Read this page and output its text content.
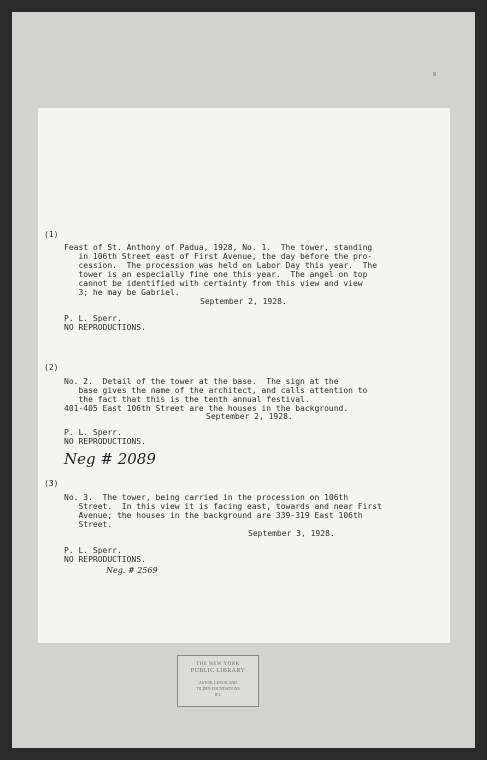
9
(1)
Feast of St. Anthony of Padua, 1928, No. 1.  The tower, standing
in 106th Street east of First Avenue, the day before the pro-
cession.  The procession was held on Labor Day this year.  The
tower is an especially fine one this year.  The angel on top
cannot be identified with certainty from this view and view
3; he may be Gabriel.
September 2, 1928.
P. L. Sperr.
NO REPRODUCTIONS.
(2)
No. 2.  Detail of the tower at the base.  The sign at the
base gives the name of the architect, and calls attention to
the fact that this is the tenth annual festival.
401-405 East 106th Street are the houses in the background.
September 2, 1928.
P. L. Sperr.
NO REPRODUCTIONS.
Neg # 2089
(3)
No. 3.  The tower, being carried in the procession on 106th
Street.  In this view it is facing east, towards and near First
Avenue; the houses in the background are 339-319 East 106th
Street.
September 3, 1928.
P. L. Sperr.
NO REPRODUCTIONS.
Neg. # 2569
THE NEW YORK
PUBLIC LIBRARY
ASTOR, LENOX AND
TILDEN FOUNDATIONS
R L
